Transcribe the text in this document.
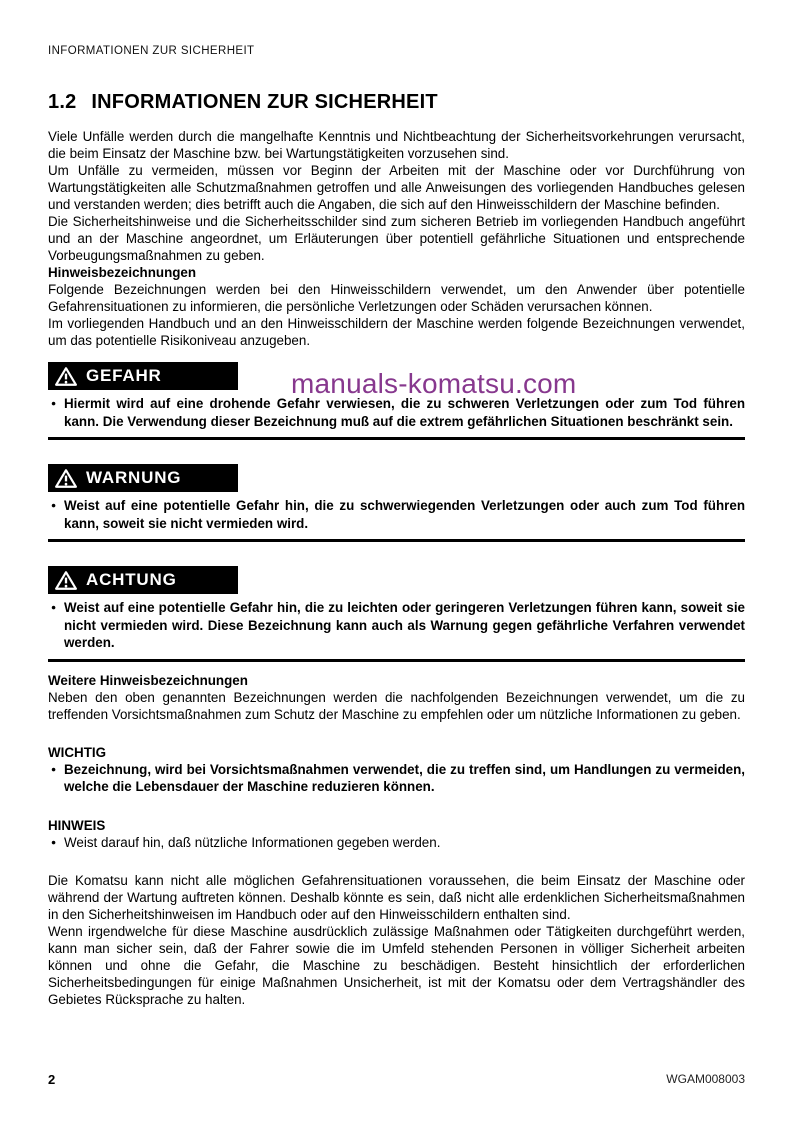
INFORMATIONEN ZUR SICHERHEIT
1.2 INFORMATIONEN ZUR SICHERHEIT

Viele Unfälle werden durch die mangelhafte Kenntnis und Nichtbeachtung der Sicherheitsvorkehrungen verursacht, die beim Einsatz der Maschine bzw. bei Wartungstätigkeiten vorzusehen sind.

Um Unfälle zu vermeiden, müssen vor Beginn der Arbeiten mit der Maschine oder vor Durchführung von Wartungstätigkeiten alle Schutzmaßnahmen getroffen und alle Anweisungen des vorliegenden Handbuches gelesen und verstanden werden; dies betrifft auch die Angaben, die sich auf den Hinweisschildern der Maschine befinden.

Die Sicherheitshinweise und die Sicherheitsschilder sind zum sicheren Betrieb im vorliegenden Handbuch angeführt und an der Maschine angeordnet, um Erläuterungen über potentiell gefährliche Situationen und entsprechende Vorbeugungsmaßnahmen zu geben.

Hinweisbezeichnungen

Folgende Bezeichnungen werden bei den Hinweisschildern verwendet, um den Anwender über potentielle Gefahrensituationen zu informieren, die persönliche Verletzungen oder Schäden verursachen können.

Im vorliegenden Handbuch und an den Hinweisschildern der Maschine werden folgende Bezeichnungen verwendet, um das potentielle Risikoniveau anzugeben.

GEFAHR
● Hiermit wird auf eine drohende Gefahr verwiesen, die zu schweren Verletzungen oder zum Tod führen kann. Die Verwendung dieser Bezeichnung muß auf die extrem gefährlichen Situationen beschränkt sein.

WARNUNG
● Weist auf eine potentielle Gefahr hin, die zu schwerwiegenden Verletzungen oder auch zum Tod führen kann, soweit sie nicht vermieden wird.

ACHTUNG
● Weist auf eine potentielle Gefahr hin, die zu leichten oder geringeren Verletzungen führen kann, soweit sie nicht vermieden wird. Diese Bezeichnung kann auch als Warnung gegen gefährliche Verfahren verwendet werden.

Weitere Hinweisbezeichnungen

Neben den oben genannten Bezeichnungen werden die nachfolgenden Bezeichnungen verwendet, um die zu treffenden Vorsichtsmaßnahmen zum Schutz der Maschine zu empfehlen oder um nützliche Informationen zu geben.

WICHTIG

● Bezeichnung, wird bei Vorsichtsmaßnahmen verwendet, die zu treffen sind, um Handlungen zu vermeiden, welche die Lebensdauer der Maschine reduzieren können.

HINWEIS

● Weist darauf hin, daß nützliche Informationen gegeben werden.

Die Komatsu kann nicht alle möglichen Gefahrensituationen voraussehen, die beim Einsatz der Maschine oder während der Wartung auftreten können. Deshalb könnte es sein, daß nicht alle erdenklichen Sicherheitsmaßnahmen in den Sicherheitshinweisen im Handbuch oder auf den Hinweisschildern enthalten sind.

Wenn irgendwelche für diese Maschine ausdrücklich zulässige Maßnahmen oder Tätigkeiten durchgeführt werden, kann man sicher sein, daß der Fahrer sowie die im Umfeld stehenden Personen in völliger Sicherheit arbeiten können und ohne die Gefahr, die Maschine zu beschädigen. Besteht hinsichtlich der erforderlichen Sicherheitsbedingungen für einige Maßnahmen Unsicherheit, ist mit der Komatsu oder dem Vertragshändler des Gebietes Rücksprache zu halten.

manuals-komatsu.com
2	WGAM008003
